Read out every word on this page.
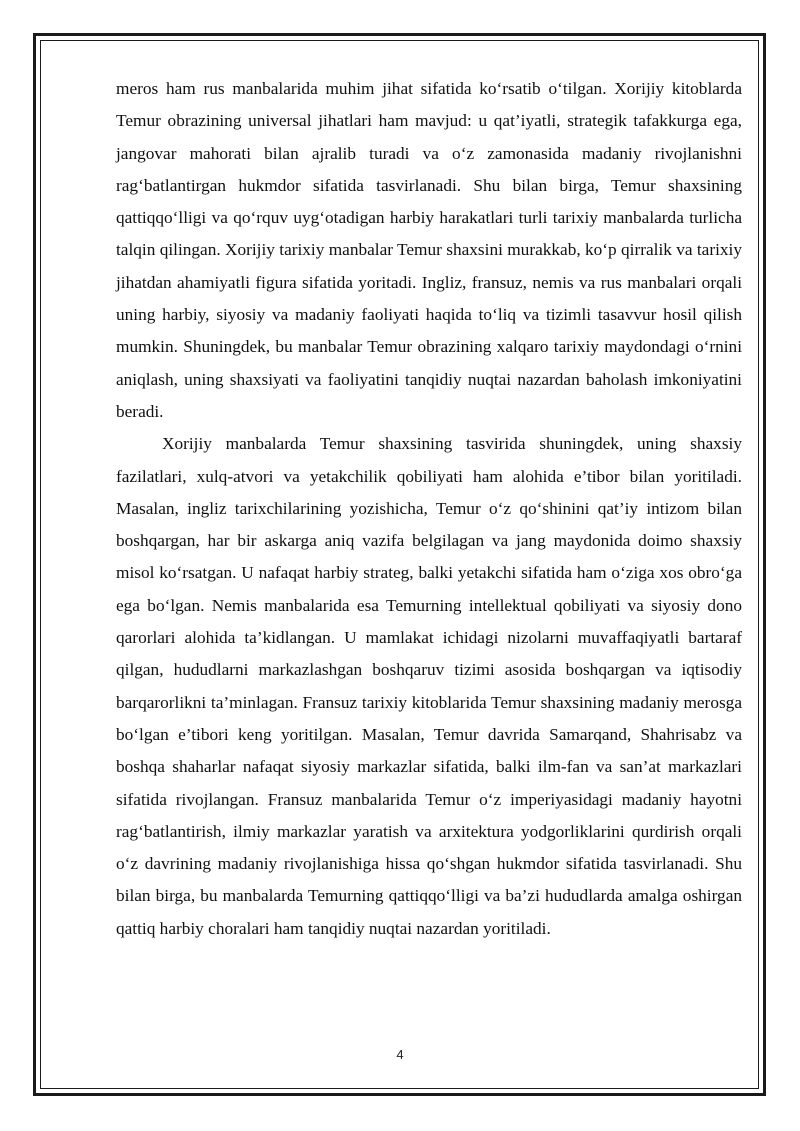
meros ham rus manbalarida muhim jihat sifatida ko‘rsatib o‘tilgan. Xorijiy kitoblarda Temur obrazining universal jihatlari ham mavjud: u qat’iyatli, strategik tafakkurga ega, jangovar mahorati bilan ajralib turadi va o‘z zamonasida madaniy rivojlanishni rag‘batlantirgan hukmdor sifatida tasvirlanadi. Shu bilan birga, Temur shaxsining qattiqqo‘lligi va qo‘rquv uyg‘otadigan harbiy harakatlari turli tarixiy manbalarda turlicha talqin qilingan. Xorijiy tarixiy manbalar Temur shaxsini murakkab, ko‘p qirralik va tarixiy jihatdan ahamiyatli figura sifatida yoritadi. Ingliz, fransuz, nemis va rus manbalari orqali uning harbiy, siyosiy va madaniy faoliyati haqida to‘liq va tizimli tasavvur hosil qilish mumkin. Shuningdek, bu manbalar Temur obrazining xalqaro tarixiy maydondagi o‘rnini aniqlash, uning shaxsiyati va faoliyatini tanqidiy nuqtai nazardan baholash imkoniyatini beradi.

Xorijiy manbalarda Temur shaxsining tasvirida shuningdek, uning shaxsiy fazilatlari, xulq-atvori va yetakchilik qobiliyati ham alohida e’tibor bilan yoritiladi. Masalan, ingliz tarixchilarining yozishicha, Temur o‘z qo‘shinini qat’iy intizom bilan boshqargan, har bir askarga aniq vazifa belgilagan va jang maydonida doimo shaxsiy misol ko‘rsatgan. U nafaqat harbiy strateg, balki yetakchi sifatida ham o‘ziga xos obro‘ga ega bo‘lgan. Nemis manbalarida esa Temurning intellektual qobiliyati va siyosiy dono qarorlari alohida ta’kidlangan. U mamlakat ichidagi nizolarni muvaffaqiyatli bartaraf qilgan, hududlarni markazlashgan boshqaruv tizimi asosida boshqargan va iqtisodiy barqarorlikni ta’minlagan. Fransuz tarixiy kitoblarida Temur shaxsining madaniy merosga bo‘lgan e’tibori keng yoritilgan. Masalan, Temur davrida Samarqand, Shahrisabz va boshqa shaharlar nafaqat siyosiy markazlar sifatida, balki ilm-fan va san’at markazlari sifatida rivojlangan. Fransuz manbalarida Temur o‘z imperiyasidagi madaniy hayotni rag‘batlantirish, ilmiy markazlar yaratish va arxitektura yodgorliklarini qurdirish orqali o‘z davrining madaniy rivojlanishiga hissa qo‘shgan hukmdor sifatida tasvirlanadi. Shu bilan birga, bu manbalarda Temurning qattiqqo‘lligi va ba’zi hududlarda amalga oshirgan qattiq harbiy choralari ham tanqidiy nuqtai nazardan yoritiladi.

4
